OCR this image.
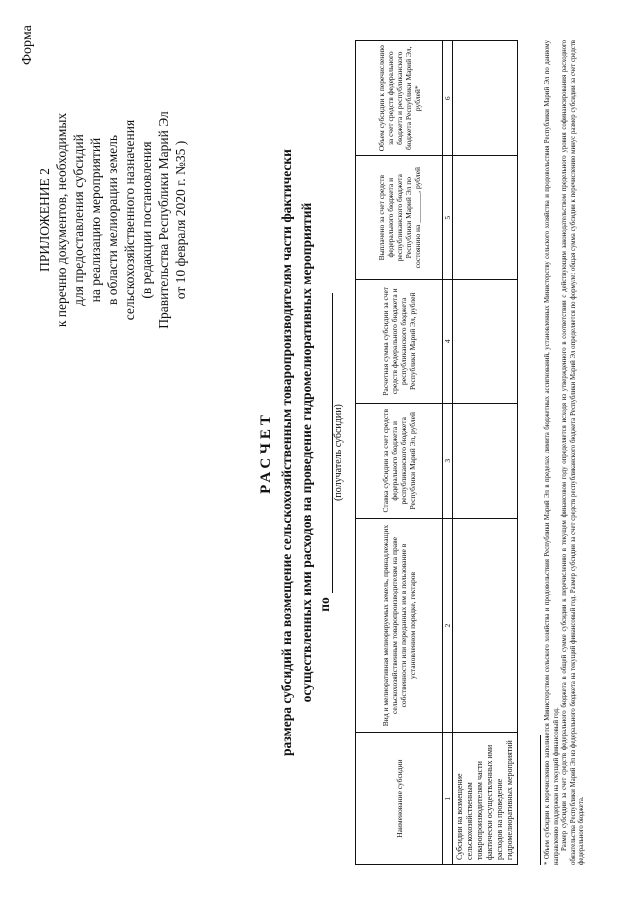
ПРИЛОЖЕНИЕ 2 к перечню документов, необходимых для предоставления субсидий на реализацию мероприятий в области мелиорации земель сельскохозяйственного назначения (в редакции постановления Правительства Республики Марий Эл от 10 февраля 2020 г. №35 )
Форма
РАСЧЕТ размера субсидий на возмещение сельскохозяйственным товаропроизводителям части фактически осуществленных ими расходов на проведение гидромелиоративных мероприятий по
(получатель субсидии)
Наименование субсидии	Вид и мелиоративная мелиорируемых земель, принадлежащих сельскохозяйственным товаропроизводителям на праве собственности или переданных им в пользование в установленном порядке, гектаров	Ставка субсидии за счет средств федерального бюджета и республиканского бюджета Республики Марий Эл, рублей	Расчетная сумма субсидии за счет средств федерального бюджета и республиканского бюджета Республики Марий Эл, рублей	Выплачено за счет средств федерального бюджета и республиканского бюджета Республики Марий Эл по состоянию на ________, рублей	Объем субсидии к перечислению за счет средств федерального бюджета и республиканского бюджета Республики Марий Эл, рублей*
1	2	3	4	5	6
Субсидии на возмещение сельскохозяйственным товаропроизводителям части фактически осуществленных ими расходов на проведение гидромелиоративных мероприятий						* Объем субсидии к перечислению заполняется Министерством сельского хозяйства и продовольствия Республики Марий Эл в пределах лимита бюджетных ассигнований, установленных Министерству сельского хозяйства и продовольствия Республики Марий Эл по данному направлению поддержки на текущий финансовый год. Размер субсидии за счет средств федерального бюджета в общей сумме субсидии к перечислению в текущем финансовом году определяется исходя из утвержденного в соответствии с действующим законодательством предельного уровня софинансирования расходного обязательства Республики Марий Эл из федерального бюджета на текущий финансовый год. Размер субсидии за счет средств республиканского бюджета Республики Марий Эл определяется по формуле: общая сумма субсидии к перечислению минус размер субсидии за счет средств федерального бюджета.
